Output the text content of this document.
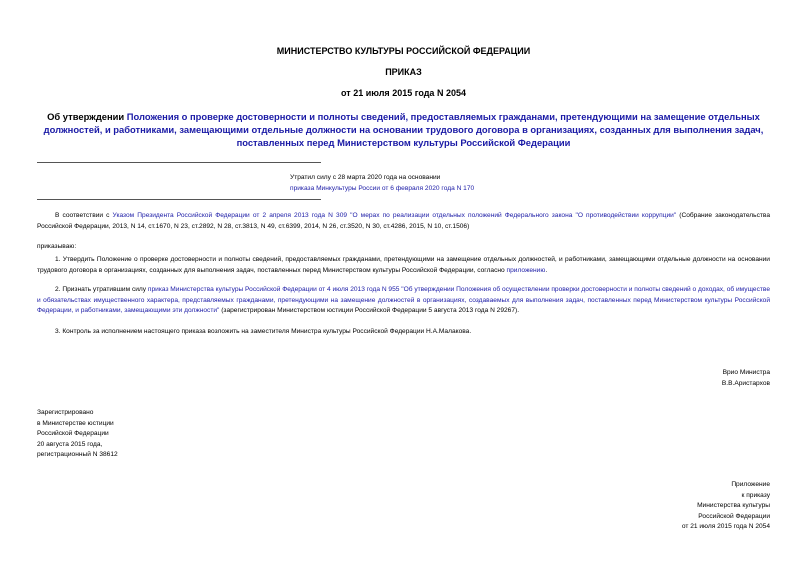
МИНИСТЕРСТВО КУЛЬТУРЫ РОССИЙСКОЙ ФЕДЕРАЦИИ
ПРИКАЗ
от 21 июля 2015 года N 2054
Об утверждении Положения о проверке достоверности и полноты сведений, предоставляемых гражданами, претендующими на замещение отдельных должностей, и работниками, замещающими отдельные должности на основании трудового договора в организациях, созданных для выполнения задач, поставленных перед Министерством культуры Российской Федерации
Утратил силу с 28 марта 2020 года на основании
приказа Минкультуры России от 6 февраля 2020 года N 170
В соответствии с Указом Президента Российской Федерации от 2 апреля 2013 года N 309 "О мерах по реализации отдельных положений Федерального закона "О противодействии коррупции" (Собрание законодательства Российской Федерации, 2013, N 14, ст.1670, N 23, ст.2892, N 28, ст.3813, N 49, ст.6399, 2014, N 26, ст.3520, N 30, ст.4286, 2015, N 10, ст.1506)
приказываю:
1. Утвердить Положение о проверке достоверности и полноты сведений, предоставляемых гражданами, претендующими на замещение отдельных должностей, и работниками, замещающими отдельные должности на основании трудового договора в организациях, созданных для выполнения задач, поставленных перед Министерством культуры Российской Федерации, согласно приложению.
2. Признать утратившим силу приказ Министерства культуры Российской Федерации от 4 июля 2013 года N 955 "Об утверждении Положения об осуществлении проверки достоверности и полноты сведений о доходах, об имуществе и обязательствах имущественного характера, представляемых гражданами, претендующими на замещение должностей в организациях, создаваемых для выполнения задач, поставленных перед Министерством культуры Российской Федерации, и работниками, замещающими эти должности" (зарегистрирован Министерством юстиции Российской Федерации 5 августа 2013 года N 29267).
3. Контроль за исполнением настоящего приказа возложить на заместителя Министра культуры Российской Федерации Н.А.Малакова.
Врио Министра
В.В.Аристархов
Зарегистрировано
в Министерстве юстиции
Российской Федерации
20 августа 2015 года,
регистрационный N 38612
Приложение
к приказу
Министерства культуры
Российской Федерации
от 21 июля 2015 года N 2054
